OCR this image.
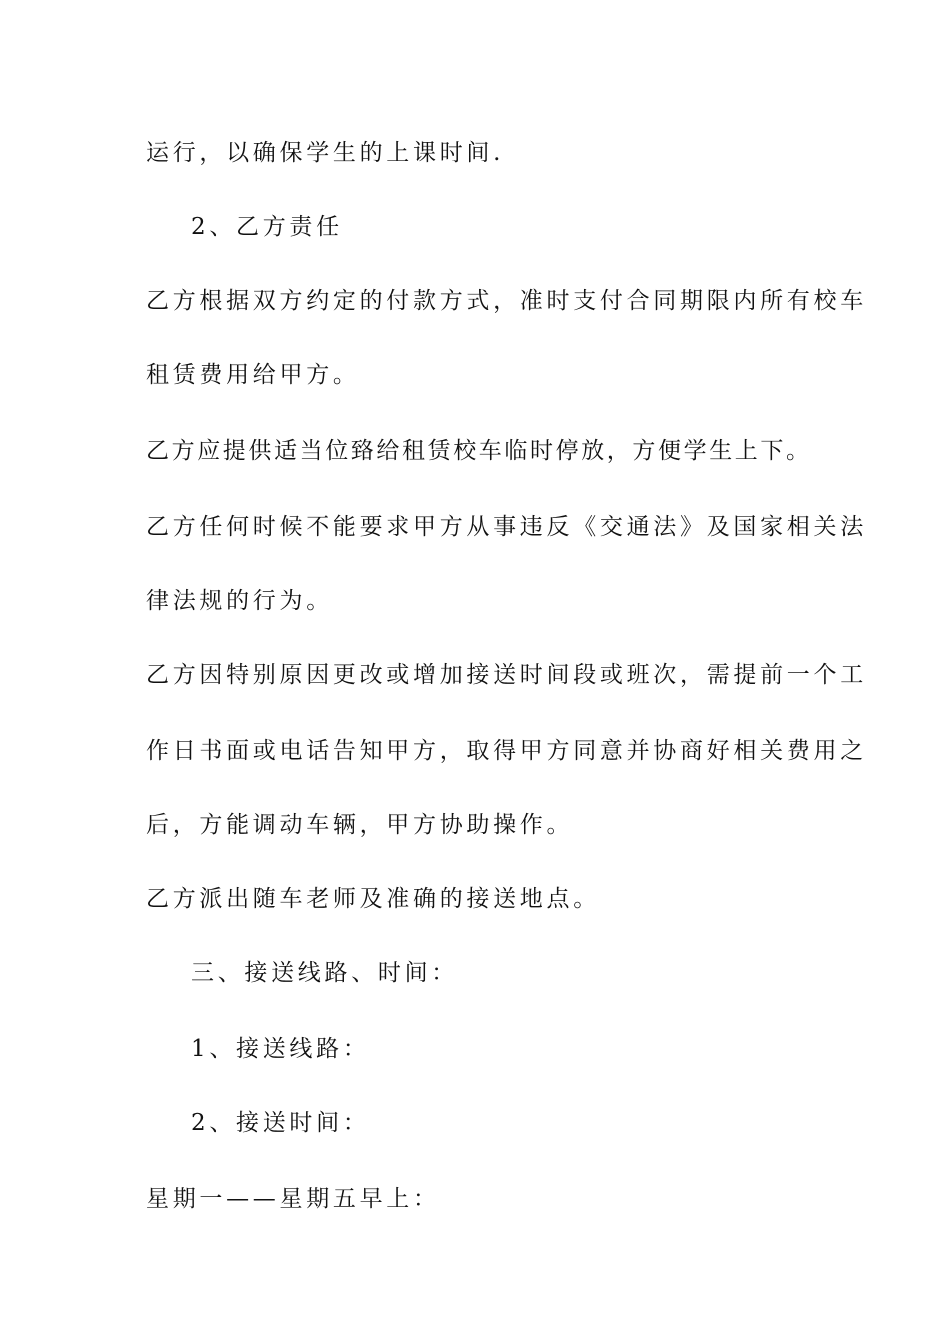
运行，以确保学生的上课时间.
2、乙方责任
乙方根据双方约定的付款方式，准时支付合同期限内所有校车
租赁费用给甲方。
乙方应提供适当位臵给租赁校车临时停放，方便学生上下。
乙方任何时候不能要求甲方从事违反《交通法》及国家相关法
律法规的行为。
乙方因特别原因更改或增加接送时间段或班次，需提前一个工
作日书面或电话告知甲方，取得甲方同意并协商好相关费用之
后，方能调动车辆，甲方协助操作。
乙方派出随车老师及准确的接送地点。
三、接送线路、时间：
1、接送线路：
2、接送时间：
星期一——星期五早上：
